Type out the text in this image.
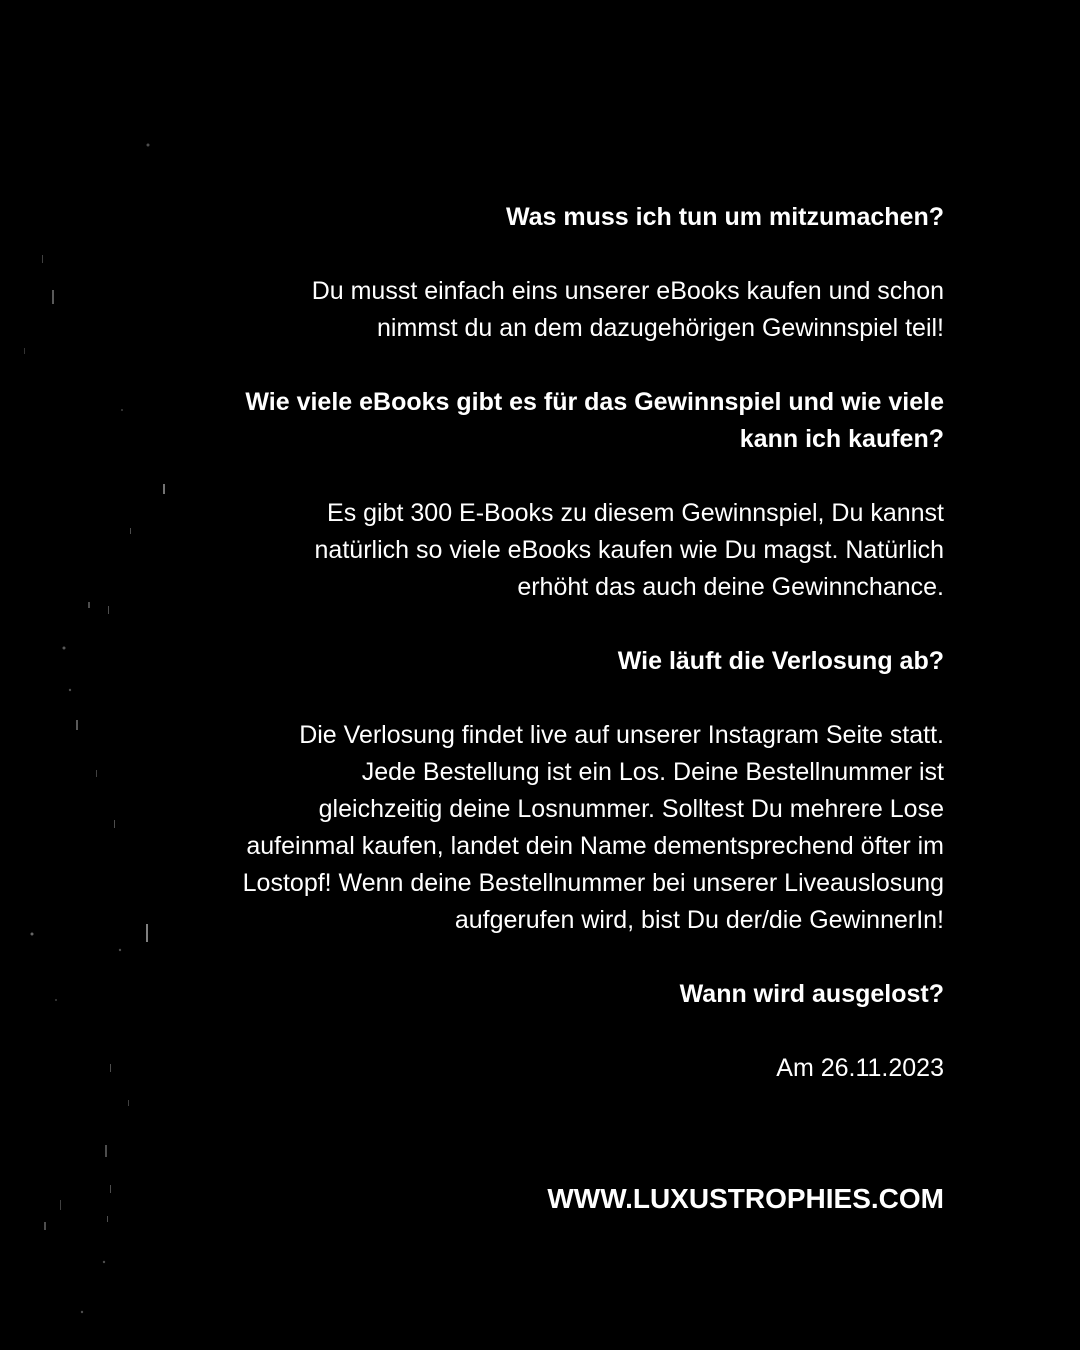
Was muss ich tun um mitzumachen?

Du musst einfach eins unserer eBooks kaufen und schon
nimmst du an dem dazugehörigen Gewinnspiel teil!

Wie viele eBooks gibt es für das Gewinnspiel und wie viele
kann ich kaufen?

Es gibt 300 E-Books zu diesem Gewinnspiel, Du kannst
natürlich so viele eBooks kaufen wie Du magst. Natürlich
erhöht das auch deine Gewinnchance.

Wie läuft die Verlosung ab?

Die Verlosung findet live auf unserer Instagram Seite statt.
Jede Bestellung ist ein Los. Deine Bestellnummer ist
gleichzeitig deine Losnummer. Solltest Du mehrere Lose
aufeinmal kaufen, landet dein Name dementsprechend öfter im
Lostopf! Wenn deine Bestellnummer bei unserer Liveauslosung
aufgerufen wird, bist Du der/die GewinnerIn!

Wann wird ausgelost?

Am 26.11.2023

WWW.LUXUSTROPHIES.COM
